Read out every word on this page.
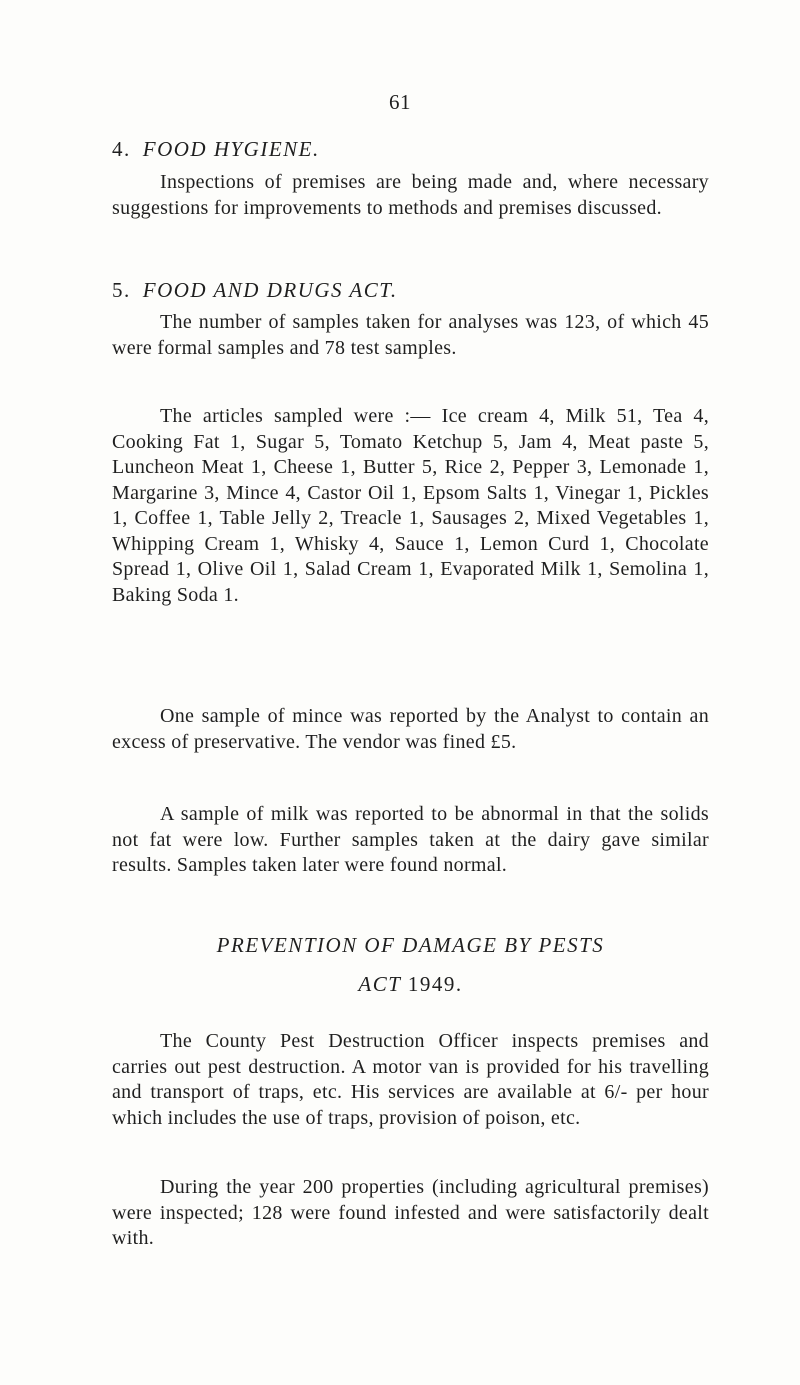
61
4. FOOD HYGIENE.

Inspections of premises are being made and, where necessary suggestions for improvements to methods and premises discussed.

5. FOOD AND DRUGS ACT.

The number of samples taken for analyses was 123, of which 45 were formal samples and 78 test samples.

The articles sampled were :— Ice cream 4, Milk 51, Tea 4, Cooking Fat 1, Sugar 5, Tomato Ketchup 5, Jam 4, Meat paste 5, Luncheon Meat 1, Cheese 1, Butter 5, Rice 2, Pepper 3, Lemonade 1, Margarine 3, Mince 4, Castor Oil 1, Epsom Salts 1, Vinegar 1, Pickles 1, Coffee 1, Table Jelly 2, Treacle 1, Sausages 2, Mixed Vegetables 1, Whipping Cream 1, Whisky 4, Sauce 1, Lemon Curd 1, Chocolate Spread 1, Olive Oil 1, Salad Cream 1, Evaporated Milk 1, Semolina 1, Baking Soda 1.

One sample of mince was reported by the Analyst to contain an excess of preservative. The vendor was fined £5.

A sample of milk was reported to be abnormal in that the solids not fat were low. Further samples taken at the dairy gave similar results. Samples taken later were found normal.

PREVENTION OF DAMAGE BY PESTS
ACT 1949.

The County Pest Destruction Officer inspects premises and carries out pest destruction. A motor van is provided for his travelling and transport of traps, etc. His services are available at 6/- per hour which includes the use of traps, provision of poison, etc.

During the year 200 properties (including agricultural premises) were inspected; 128 were found infested and were satisfactorily dealt with.
